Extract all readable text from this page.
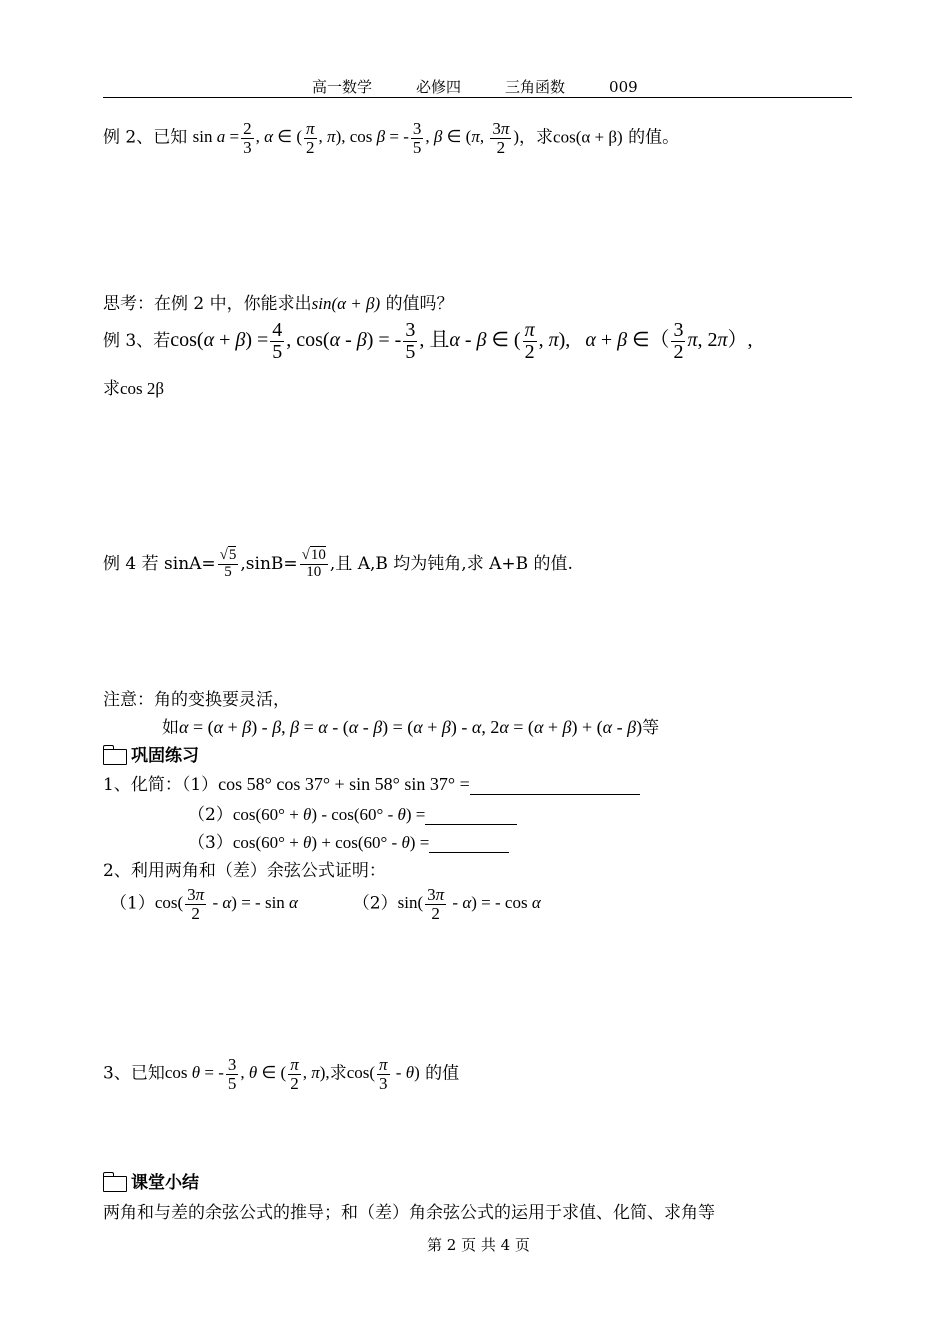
高一数学	必修四	三角函数	009
例 2、已知 $\sin a = \frac{2}{3}$ , α ∈ ( $\frac{\pi}{2}$ , π), cos β = - $\frac{3}{5}$ , β ∈ (π, $\frac{3\pi}{2}$ )，求cos(α + β) 的值。
思考：在例 2 中，你能求出sin(α + β) 的值吗？
例 3、若$\cos(\alpha + \beta) = \frac{4}{5}$ , cos(α - β) = - $\frac{3}{5}$ , 且α - β ∈ ( $\frac{\pi}{2}$ , π),   α + β ∈（ $\frac{3}{2} \pi$, 2π）,
求cos 2β
例 4 若 $\sin A= \frac{√5}{5} ,\sin B= \frac{√10}{10}$ ,且 A,B 均为钝角,求 A+B 的值.
注意：角的变换要灵活，
如α = (α + β) - β, β = α - (α - β) = (α + β) - α, 2α = (α + β) + (α - β)等
巩固练习
1、化简：（1）cos 58° cos 37° + sin 58° sin 37° =
（2）cos(60° + θ) - cos(60° - θ) =
（3）cos(60° + θ) + cos(60° - θ) =
2、利用两角和（差）余弦公式证明：
$(1)\cos( \frac{3\pi}{2} - \alpha)$ = - sin α	$(2)\sin( \frac{3\pi}{2} - \alpha)$ = - cos α
3、已知cos θ = - $\frac{3}{5}$ , θ ∈ ( $\frac{\pi}{2}$ , π),求$\cos( \frac{\pi}{3} - \theta)$ 的值
课堂小结
两角和与差的余弦公式的推导；和（差）角余弦公式的运用于求值、化简、求角等
第 2 页 共 4 页
